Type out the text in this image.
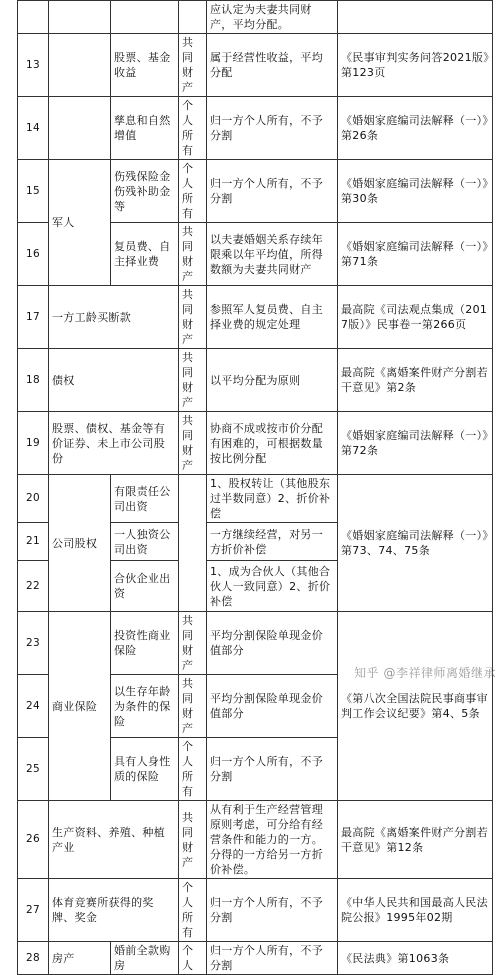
				应认定为夫妻共同财产，平均分配。	
13		股票、基金收益	共同财产	属于经营性收益，平均分配	《民事审判实务问答2021版》第123页
14		孳息和自然增值	个人所有	归一方个人所有，不予分割	《婚姻家庭编司法解释（一）》第26条
15	军人	伤残保险金伤残补助金等	个人所有	归一方个人所有，不予分割	《婚姻家庭编司法解释（一）》第30条
16		复员费、自主择业费	共同财产	以夫妻婚姻关系存续年限乘以年平均值，所得数额为夫妻共同财产	《婚姻家庭编司法解释（一）》第71条
17	一方工龄买断款		共同财产	参照军人复员费、自主择业费的规定处理	最高院《司法观点集成（2017版）》民事卷一第266页
18	债权		共同财产	以平均分配为原则	最高院《离婚案件财产分割若干意见》第2条
19	股票、债权、基金等有价证券、未上市公司股份		共同财产	协商不成或按市价分配有困难的，可根据数量按比例分配	《婚姻家庭编司法解释（一）》第72条
20	公司股权	有限责任公司出资		1、股权转让（其他股东过半数同意）2、折价补偿	《婚姻家庭编司法解释（一）》第73、74、75条
21		一人独资公司出资		一方继续经营，对另一方折价补偿	
22		合伙企业出资		1、成为合伙人（其他合伙人一致同意）2、折价补偿	
23	商业保险	投资性商业保险	共同财产	平均分割保险单现金价值部分	《第八次全国法院民事商事审判工作会议纪要》第4、5条
24		以生存年龄为条件的保险	共同财产	平均分割保险单现金价值部分	
25		具有人身性质的保险	个人所有	归一方个人所有，不予分割	
26	生产资料、养殖、种植产业		共同财产	从有利于生产经营管理原则考虑，可分给有经营条件和能力的一方。分得的一方给另一方折价补偿。	最高院《离婚案件财产分割若干意见》第12条
27	体育竞赛所获得的奖牌、奖金		个人所有	归一方个人所有，不予分割	《中华人民共和国最高人民法院公报》1995年02期
28	房产	婚前全款购房	个人	归一方个人所有，不予分割	《民法典》第1063条
知乎 @李祥律师离婚继承
